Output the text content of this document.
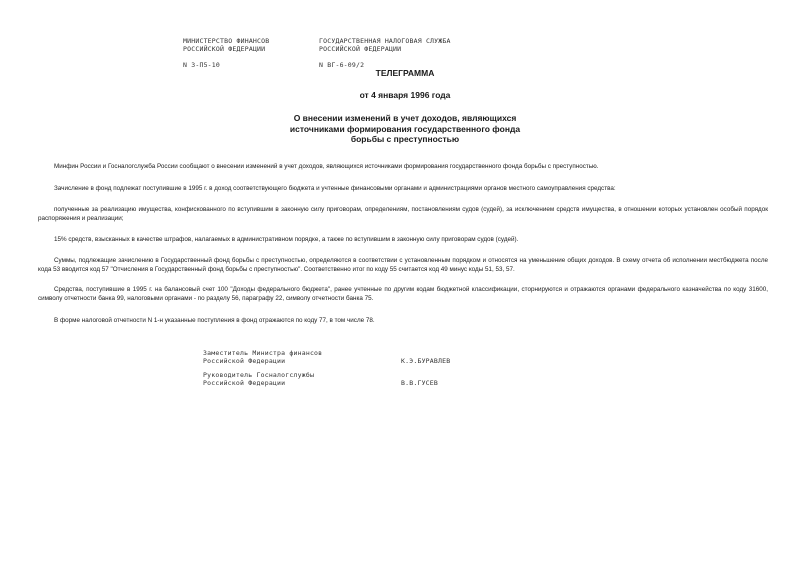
МИНИСТЕРСТВО ФИНАНСОВ
РОССИЙСКОЙ ФЕДЕРАЦИИ
N 3-П5-10
ГОСУДАРСТВЕННАЯ НАЛОГОВАЯ СЛУЖБА
РОССИЙСКОЙ ФЕДЕРАЦИИ
N ВГ-6-09/2
ТЕЛЕГРАММА
от 4 января 1996 года
О внесении изменений в учет доходов, являющихся
источниками формирования государственного фонда
борьбы с преступностью
Минфин России и Госналогслужба России сообщают о внесении изменений в учет доходов, являющихся источниками формирования государственного фонда борьбы с преступностью.
Зачисление в фонд подлежат поступившие в 1995 г. в доход соответствующего бюджета и учтенные финансовыми органами и администрациями органов местного самоуправления средства:
полученные за реализацию имущества, конфискованного по вступившим в законную силу приговорам, определениям, постановлениям судов (судей), за исключением средств имущества, в отношении которых установлен особый порядок распоряжения и реализации;
15% средств, взысканных в качестве штрафов, налагаемых в административном порядке, а также по вступившим в законную силу приговорам судов (судей).
Суммы, подлежащие зачислению в Государственный фонд борьбы с преступностью, определяются в соответствии с установленным порядком и относятся на уменьшение общих доходов. В схему отчета об исполнении местбюджета после кода 53 вводится код 57 "Отчисления в Государственный фонд борьбы с преступностью". Соответственно итог по коду 55 считается код 49 минус коды 51, 53, 57.
Средства, поступившие в 1995 г. на балансовый счет 100 "Доходы федерального бюджета", ранее учтенные по другим кодам бюджетной классификации, сторнируются и отражаются органами федерального казначейства по коду 31600, символу отчетности банка 99, налоговыми органами - по разделу 56, параграфу 22, символу отчетности банка 75.
В форме налоговой отчетности N 1-н указанные поступления в фонд отражаются по коду 77, в том числе 78.
Заместитель Министра финансов
Российской Федерации	К.Э.БУРАВЛЕВ
Руководитель Госналогслужбы
Российской Федерации	В.В.ГУСЕВ
